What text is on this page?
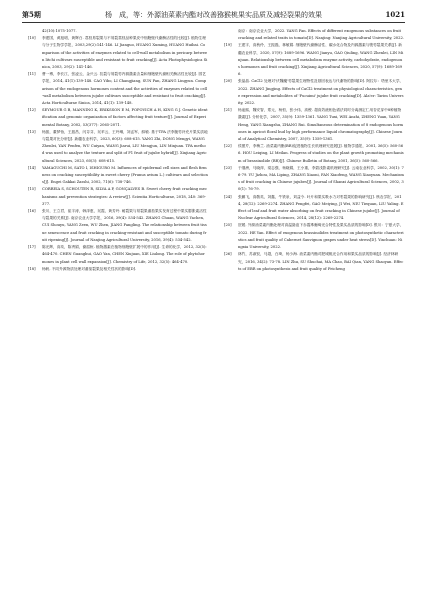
第5期	杨　成，等：外源油菜素内酯对改善猕猴桃果实品质及减轻裂果的效果	1021

42(10):1075-1077.

[10] 李建国，黄旭明，黄辉白. 荔枝易裂果与不易裂荔枝品种果皮中细胞壁代谢酶活性的比较[J]. 植物生理与分子生物学学报，2003,29(2):141-146. LI Jianguo, HUANG Xuming, HUANG Huibai. Comparison of the activities of enzymes related to cell-wall metabolism in pericarp between litchi cultivars susceptible and resistant to fruit cracking[J]. Acta Photophysiologica Sinica, 2003, 29(2): 141-146.

[11] 曹一博，李长江，张凌云，金兴云. 抗裂与易裂枣内源激素含量和细胞壁代谢相关酶活性比较[J]. 园艺学报，2014, 41(1):139-148. CAO Yibo, LI Changjiang, SUN Fan, ZHANG Lingyun. Comparison of the endogenous hormones content and the activities of enzymes related to cell-wall metabolism between jujube cultivars susceptible and resistant to fruit cracking[J]. Acta Horticulturae Sinica, 2014, 41(1): 139-148.

[12] SEYMOUR G B, MANNING K, ERIKSSON E M, POPOVICH A H, KING G J. Genetic identification and genomic organization of factors affecting fruit texture[J]. Journal of Experimental Botany, 2002, 53(377): 2065-2071.

[13] 杨振，董梦怡，王振昌，闫芬芬，吴苹云，王玲琳，刘孟军，薛敏. 基于TPA 法李脆枣补充片果实质地与裂果对比分析[J]. 新疆农业科学，2023, 60(3): 608-615. YANG Zhi, DONG Mengyi, WANG Zhenlei, YAN Fenfen, WU Cuiyan, WANG Jiarui, LIU Mengjun, LIN Minjuan. TPA method was used to analyze the texture and split of F1 fruit of jujube hybrid[J]. Xinjiang Agricultural Sciences, 2023, 60(3): 608-615.

[14] YAMAGUCHI M, SATO I, ISHIGURO M. Influences of epidermal cell sizes and flesh firmness on cracking susceptibility in sweet cherry (Prunus avium L.) cultivars and selections[J]. Engei Gakkai Zasshi, 2002, 71(6): 738-746.

[15] CORREIA S, SCHOUTEN R, SILVA A P, GONÇALVES B. Sweet cherry fruit cracking mechanisms and prevention strategies: A review[J]. Scientia Horticulturae, 2018, 240: 369-377.

[16] 张川，王立君，崔宇涛，韩泽惠，吴霞，黄芳玲. 耐裂果与易裂果番茄果实发育过程中果实膨胀素活性与裂果的关系[J]. 南京农业大学学报，2016, 39(4): 534-542. ZHANG Chuan, WANG Yachen, CUI Shouyu, YANG Zeen, WU Zhen, JIANG Fangling. The relationship between fruit tissue senescence and fruit cracking in cracking-resistant and susceptible tomato during fruit ripening[J]. Journal of Nanjing Agricultural University, 2016, 39(4): 534-542.

[17] 陈光辉，高琰，陈秀娟，谢韶桓. 植物激素在植物细胞壁扩展中的作用[J]. 生命的化学，2012, 32(5): 464-470. CHEN Guanghui, GAO Yan, CHEN Xiujuan, XIE Liulong. The role of phytohormones in plant cell wall expansion[J]. Chemistry of Life, 2012, 32(5): 464-470.

[18] 杨帆. 不同外源物质处理对番茄裂果及相关性状的影响[D].

南京：南京农业大学，2022. YANG Fan. Effects of different exogenous substances on fruit cracking and related traits in tomato[D]. Nanjing: Nanjing Agricultural University, 2022.

[19] 王建宇，高秋伶，王振磊，林敏娟. 细胞壁代谢酶活性、碳水化合物及内源激素与骏枣裂果关系[J]. 新疆农业科学，2020, 57(9): 1689-1696. WANG Jianyu, GAO Qiuling, WANG Zhenlei, LIN Minjuan. Relationship between cell metabolism enzyme activity, carbohydrate, endogenous hormones and fruit cracking[J]. Xinjiang Agricultural Sciences, 2020, 57(9): 1689-1696.

[20] 张晶晶. CaCl2 处理对'伏魏魔'枣裂果生理特性及基因表达与代谢物的影响[D]. 阿拉尔：塔里木大学，2022. ZHANG Jingjing. Effects of CaCl2 treatment on physiological characteristics, gene expression and metabolites of 'Fucuimi' jujube fruit cracking[D]. Ala'er: Tarim University, 2022.

[21] 杨途熙，魏安智，郑元，杨恒，张小伟，高俊. 超高效液相色谱法同时分离测定仁用杏花芽中8种植物激素[J]. 分析化学，2007, 35(9): 1359-1361. YANG Tuxi, WEI Anzhi, ZHENG Yuan, YANG Heng, YANG Xiangzhu, ZHANG Rui. Simultaneous determination of 8 endogenous hormones in apricot floral bud by high performance liquid chromatography[J]. Chinese Journal of Analytical Chemistry, 2007, 35(9): 1359-1361.

[22] 侯蕾芹，李梅兰. 油菜素内酯(BR)促进植物生长机理研究进展[J]. 植物学通报，2001, 36(5): 560-566. HOU Leiqing, LI Meilan. Progress of studies on the plant growth promoting mechanism of brassinolide (BR)[J]. Chinese Bulletin of Botany, 2001, 36(5): 560-566.

[23] 于继洲，马晓萍，梁志强，杨晓娟，王小重，李碧浅影素机理研究[J]. 云南农业科学，2002, 30(1): 76-79. YU Jizhou, MA Liping, ZHANG Xiaoni, FAN Xiaofeng, WANG Xiaoyuan. Mechanisms of fruit cracking in Chinese jujubes[J]. Journal of Shanxi Agricultural Sciences, 2002, 30(1): 76-79.

[24] 张鹏飞，高敬英，刘鑫，牛铁泉，刘益令. 叶片和果实吸水力对枣裂果的影响研究[J]. 核农学报，2014, 28(12): 2269-2274. ZHANG Pengfei, GAO Meiying, JI Wei, NIU Tiequan, LIU Yaling. Effect of leaf and fruit water absorbing on fruit cracking in Chinese jujube[J]. Journal of Nuclear Agricultural Sciences, 2014, 28(12): 2269-2274.

[25] 贺媛. 外源油菜素内酯处理对高温胁迫下赤霞珠葡萄光合特性及果实品质的影响[D]. 银川：宁夏大学，2022. HE Yan. Effect of exogenous brassinolides treatment on photosynthetic characteristics and fruit quality of Cabernet Sauvignon grapes under heat stress[D]. Yinchuan: Ningxia University, 2022.

[26] 林竹，苏淑钗，马超，白琦，杨少海. 油菜素内酯对肥城桃光合作用和果实品质的影响[J]. 经济林研究，2016, 34(2): 73-78. LIN Zhu, SU Shuchai, MA Chao, BAI Qian, YANG Shaoyan. Effects of EBR on photosynthesis and fruit quality of Feicheng
